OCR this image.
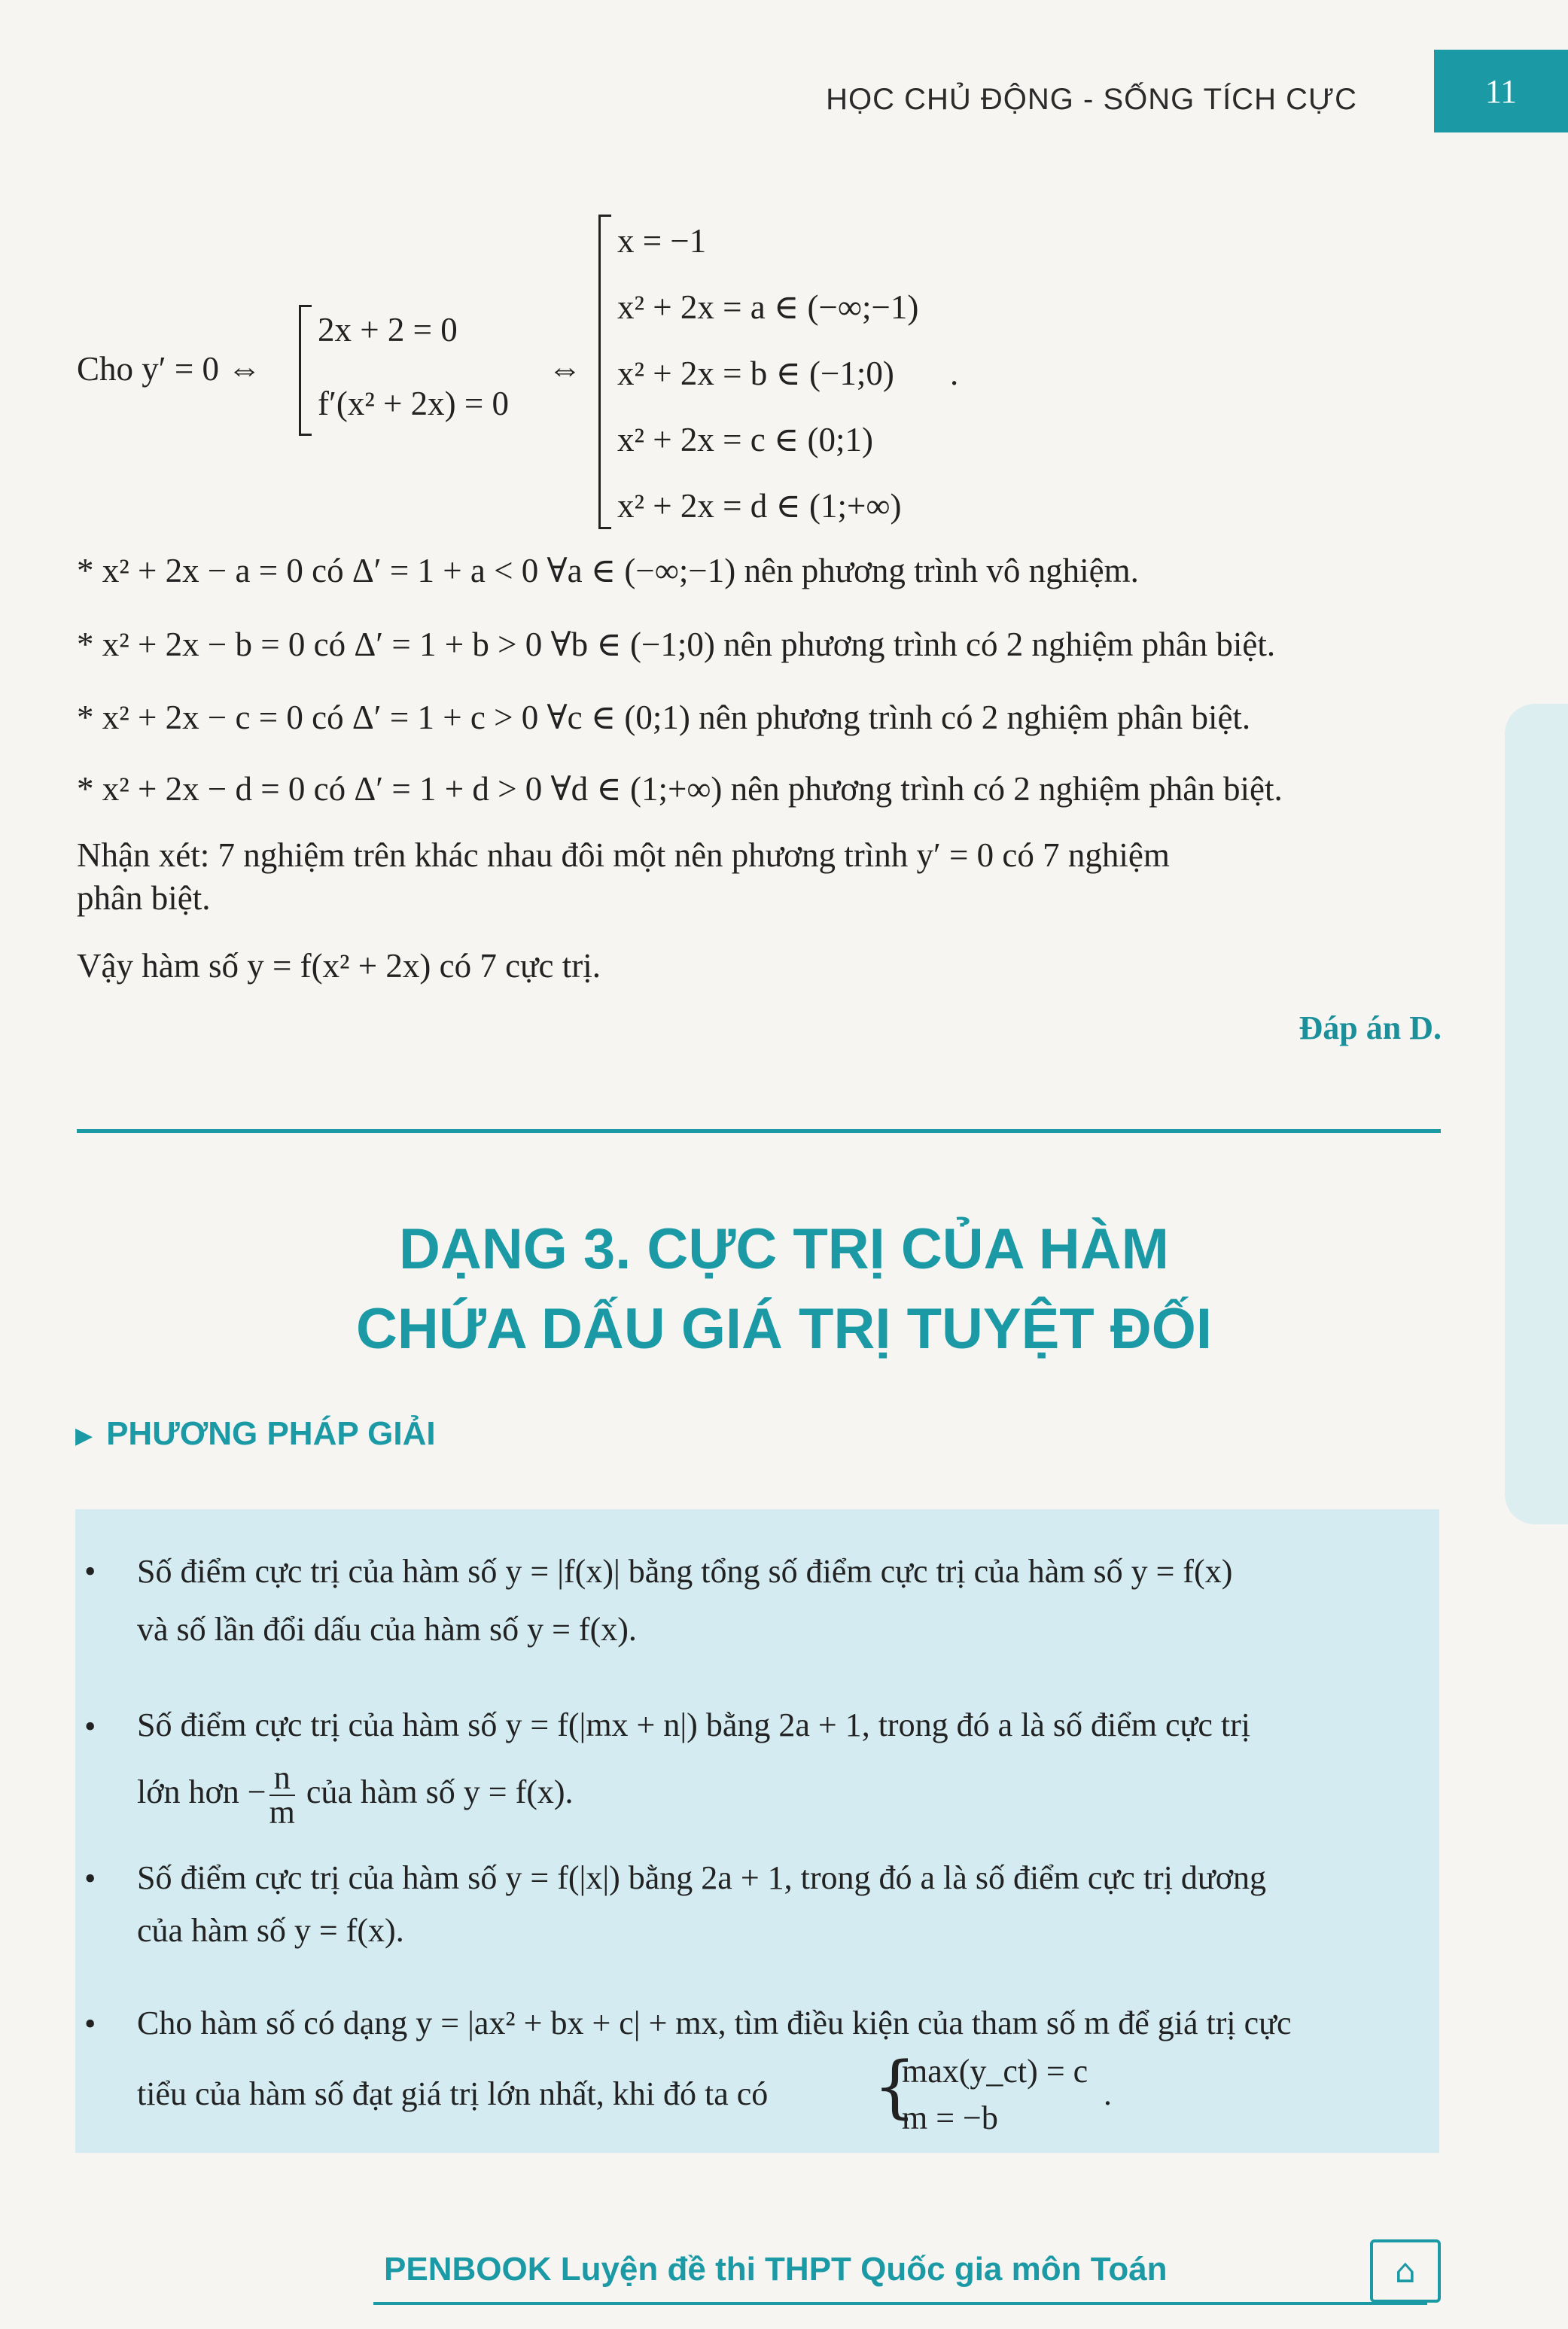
HỌC CHỦ ĐỘNG - SỐNG TÍCH CỰC	11
Cho y′ = 0 ⇔
2x + 2 = 0
f′(x² + 2x) = 0
⇔
x = −1
x² + 2x = a ∈ (−∞;−1)
x² + 2x = b ∈ (−1;0)
x² + 2x = c ∈ (0;1)
x² + 2x = d ∈ (1;+∞)
.
* x² + 2x − a = 0 có Δ′ = 1 + a < 0 ∀a ∈ (−∞;−1) nên phương trình vô nghiệm.
* x² + 2x − b = 0 có Δ′ = 1 + b > 0 ∀b ∈ (−1;0) nên phương trình có 2 nghiệm phân biệt.
* x² + 2x − c = 0 có Δ′ = 1 + c > 0 ∀c ∈ (0;1) nên phương trình có 2 nghiệm phân biệt.
* x² + 2x − d = 0 có Δ′ = 1 + d > 0 ∀d ∈ (1;+∞) nên phương trình có 2 nghiệm phân biệt.
Nhận xét: 7 nghiệm trên khác nhau đôi một nên phương trình y′ = 0 có 7 nghiệm
phân biệt.
Vậy hàm số y = f(x² + 2x) có 7 cực trị.
Đáp án D.
DẠNG 3. CỰC TRỊ CỦA HÀM
CHỨA DẤU GIÁ TRỊ TUYỆT ĐỐI
▶ PHƯƠNG PHÁP GIẢI
• Số điểm cực trị của hàm số y = |f(x)| bằng tổng số điểm cực trị của hàm số y = f(x)
và số lần đổi dấu của hàm số y = f(x).
• Số điểm cực trị của hàm số y = f(|mx + n|) bằng 2a + 1, trong đó a là số điểm cực trị
lớn hơn − $\frac{n}{m}$ của hàm số y = f(x).
• Số điểm cực trị của hàm số y = f(|x|) bằng 2a + 1, trong đó a là số điểm cực trị dương
của hàm số y = f(x).
• Cho hàm số có dạng y = |ax² + bx + c| + mx, tìm điều kiện của tham số m để giá trị cực
tiểu của hàm số đạt giá trị lớn nhất, khi đó ta có {
max(y_ct) = c
m = −b
.
PENBOOK Luyện đề thi THPT Quốc gia môn Toán	⌂
